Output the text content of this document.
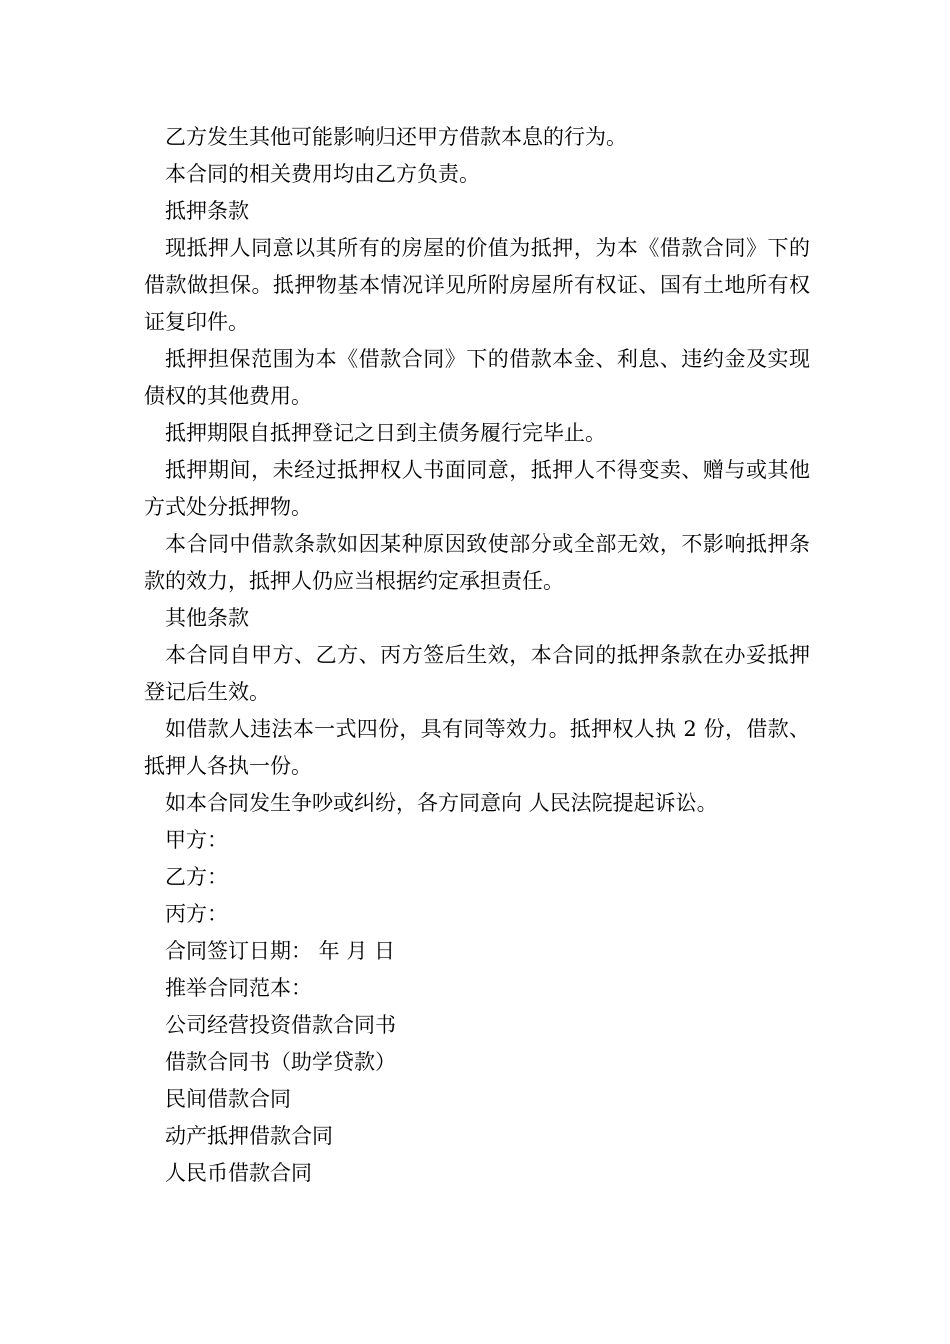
乙方发生其他可能影响归还甲方借款本息的行为。

本合同的相关费用均由乙方负责。

抵押条款

现抵押人同意以其所有的房屋的价值为抵押，为本《借款合同》下的借款做担保。抵押物基本情况详见所附房屋所有权证、国有土地所有权证复印件。

抵押担保范围为本《借款合同》下的借款本金、利息、违约金及实现债权的其他费用。

抵押期限自抵押登记之日到主债务履行完毕止。

抵押期间，未经过抵押权人书面同意，抵押人不得变卖、赠与或其他方式处分抵押物。

本合同中借款条款如因某种原因致使部分或全部无效，不影响抵押条款的效力，抵押人仍应当根据约定承担责任。

其他条款

本合同自甲方、乙方、丙方签后生效，本合同的抵押条款在办妥抵押登记后生效。

如借款人违法本一式四份，具有同等效力。抵押权人执 2 份，借款、抵押人各执一份。

如本合同发生争吵或纠纷，各方同意向 人民法院提起诉讼。

甲方：

乙方：

丙方：

合同签订日期： 年 月 日

推举合同范本：

公司经营投资借款合同书

借款合同书（助学贷款）

民间借款合同

动产抵押借款合同

人民币借款合同
